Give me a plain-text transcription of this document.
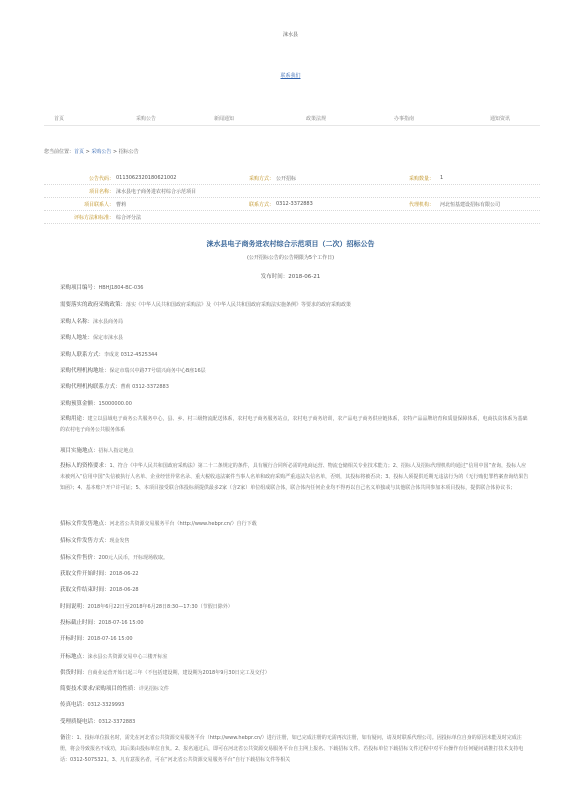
涞水县
联系我们
首页	采购公告	新闻通知	政策法规	办事指南	通知资讯
您当前位置：首页 > 采购公告 > 招标公告
公告代码： 011306232018062​1002	采购方式： 公开招标	采购数量： 1
项目名称： 涞水县电子商务进农村综合示范项目
项目联系人： 曹莉	联系方式： 0312-3372883	代理机构： 河北恒基建设招标有限公司
评标方法和标准： 综合评分法
涞水县电子商务进农村综合示范项目（二次）招标公告
(公开招标公告的公告期限为5个工作日)
发布时间：2018-06-21
采购项目编号：HBHJ1804-BC-036
需要落实的政府采购政策：落实《中华人民共和国政府采购法》及《中华人民共和国政府采购法实施条例》等要求的政府采购政策
采购人名称：涞水县商务局
采购人地址：保定市涞水县
采购人联系方式：李成龙 0312-4525344
采购代理机构地址：保定市瑞兴中路77号瑞兴商务中心B座16层
采购代理机构联系方式：曹莉 0312-3372883
采购预算金额：15000000.00
采购用途：建立以县域电子商务公共服务中心，县、乡、村三级物流配送体系，农村电子商务服务站点，农村电子商务培训，农产品电子商务供应链体系，农特产品品牌培育和质量保障体系，电商扶贫体系为基础的农村电子商务公共服务体系
项目实施地点：招标人指定地点
投标人的资格要求：1、符合《中华人民共和国政府采购法》第二十二条规定的条件，具有履行合同所必需的电商运营、物流仓储相关专业技术能力；2、招标人及招标代理机构均通过“信用中国”查询，投标人应未被列入“信用中国”失信被执行人名单、企业经营异常名录、重大税收违法案件当事人名单和政府采购严重违法失信名单，否则，其投标将被否决；3、投标人须提供近期无违法行为的《无行贿犯罪档案查询结果告知函》；4、基本账户开户许可证；5、本项目接受联合体投标须提供最多2家（含2家）单位组成联合体，联合体内任何企业均不得再以自己名义单独或与其他联合体共同参加本项目投标，提供联合体协议书；
招标文件发售地点：河北省公共资源交易服务平台（http://www.hebpr.cn/）自行下载
招标文件发售方式：现金发售
招标文件售价：200元人民币，开标现场收取。
获取文件开始时间：2018-06-22
获取文件结束时间：2018-06-28
时间说明：2018年6月22日至2018年6月28日8:30—17:30（节假日除外）
投标截止时间：2018-07-16 15:00
开标时间：2018-07-16 15:00
开标地点：涞水县公共资源交易中心三楼开标室
供货时间：自商业运营开始日起三年（不包括建设期，建设期为2018年9月30日完工及交付）
简要技术要求/采购项目的性质：详见招标文件
传真电话：0312-3329993
受理质疑电话：0312-3372883
备注：1、投标单位报名时，需先在河北省公共资源交易服务平台（http://www.hebpr.cn/）进行注册，如已完成注册的无需再次注册，如有疑问，请及时联系代理公司。因投标单位自身的原因未能及时完成注册，将会导致报名不成功，其后果由投标单位自负。2、报名通过后，即可在河北省公共资源交易服务平台自主网上报名、下载招标文件。若投标单位下载招标文件过程中对平台操作有任何疑问请推打技术支持电话：0312-5075321。3、凡有意报名者，可在“河北省公共资源交易服务平台”自行下载招标文件等相关
